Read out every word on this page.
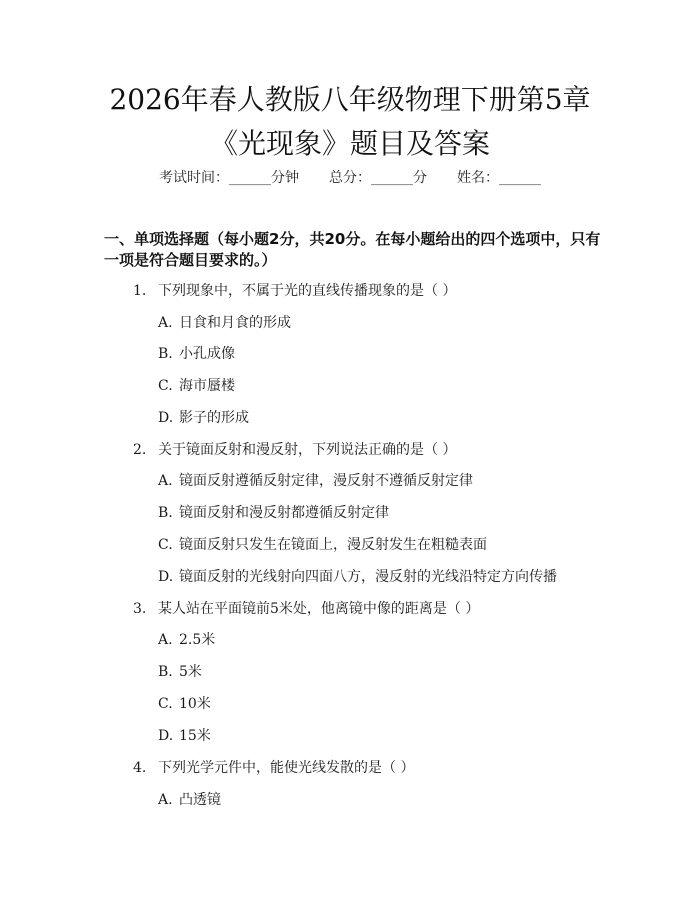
2026年春人教版八年级物理下册第5章《光现象》题目及答案
考试时间：______分钟 总分：______分 姓名：______
一、单项选择题（每小题2分，共20分。在每小题给出的四个选项中，只有一项是符合题目要求的。）
1. 下列现象中，不属于光的直线传播现象的是（ ）
A. 日食和月食的形成
B. 小孔成像
C. 海市蜃楼
D. 影子的形成
2. 关于镜面反射和漫反射，下列说法正确的是（ ）
A. 镜面反射遵循反射定律，漫反射不遵循反射定律
B. 镜面反射和漫反射都遵循反射定律
C. 镜面反射只发生在镜面上，漫反射发生在粗糙表面
D. 镜面反射的光线射向四面八方，漫反射的光线沿特定方向传播
3. 某人站在平面镜前5米处，他离镜中像的距离是（ ）
A. 2.5米
B. 5米
C. 10米
D. 15米
4. 下列光学元件中，能使光线发散的是（ ）
A. 凸透镜
